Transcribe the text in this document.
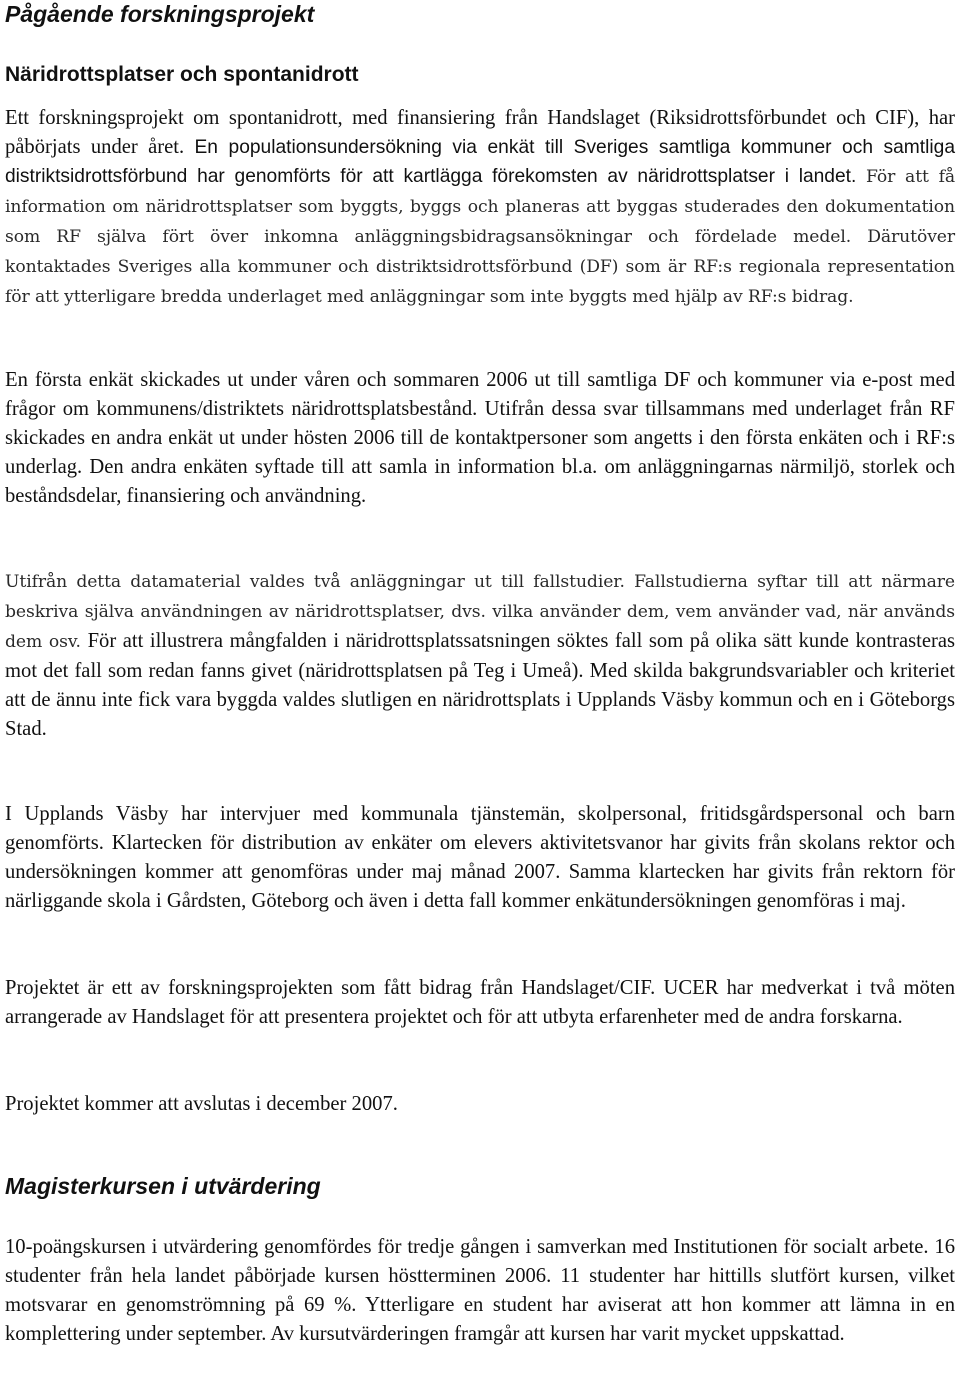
Pågående forskningsprojekt
Näridrottsplatser och spontanidrott

Ett forskningsprojekt om spontanidrott, med finansiering från Handslaget (Riksidrottsförbundet och CIF), har påbörjats under året. En populationsundersökning via enkät till Sveriges samtliga kommuner och samtliga distriktsidrottsförbund har genomförts för att kartlägga förekomsten av näridrottsplatser i landet. För att få information om näridrottsplatser som byggts, byggs och planeras att byggas studerades den dokumentation som RF själva fört över inkomna anläggningsbidragsansökningar och fördelade medel. Därutöver kontaktades Sveriges alla kommuner och distriktsidrottsförbund (DF) som är RF:s regionala representation för att ytterligare bredda underlaget med anläggningar som inte byggts med hjälp av RF:s bidrag.

En första enkät skickades ut under våren och sommaren 2006 ut till samtliga DF och kommuner via e-post med frågor om kommunens/distriktets näridrottsplatsbestånd. Utifrån dessa svar tillsammans med underlaget från RF skickades en andra enkät ut under hösten 2006 till de kontaktpersoner som angetts i den första enkäten och i RF:s underlag. Den andra enkäten syftade till att samla in information bl.a. om anläggningarnas närmiljö, storlek och beståndsdelar, finansiering och användning.

Utifrån detta datamaterial valdes två anläggningar ut till fallstudier. Fallstudierna syftar till att närmare beskriva själva användningen av näridrottsplatser, dvs. vilka använder dem, vem använder vad, när används dem osv. För att illustrera mångfalden i näridrottsplatssatsningen söktes fall som på olika sätt kunde kontrasteras mot det fall som redan fanns givet (näridrottsplatsen på Teg i Umeå). Med skilda bakgrundsvariabler och kriteriet att de ännu inte fick vara byggda valdes slutligen en näridrottsplats i Upplands Väsby kommun och en i Göteborgs Stad.

I Upplands Väsby har intervjuer med kommunala tjänstemän, skolpersonal, fritidsgårdspersonal och barn genomförts. Klartecken för distribution av enkäter om elevers aktivitetsvanor har givits från skolans rektor och undersökningen kommer att genomföras under maj månad 2007. Samma klartecken har givits från rektorn för närliggande skola i Gårdsten, Göteborg och även i detta fall kommer enkätundersökningen genomföras i maj.

Projektet är ett av forskningsprojekten som fått bidrag från Handslaget/CIF. UCER har medverkat i två möten arrangerade av Handslaget för att presentera projektet och för att utbyta erfarenheter med de andra forskarna.

Projektet kommer att avslutas i december 2007.

Magisterkursen i utvärdering

10-poängskursen i utvärdering genomfördes för tredje gången i samverkan med Institutionen för socialt arbete. 16 studenter från hela landet påbörjade kursen höstterminen 2006. 11 studenter har hittills slutfört kursen, vilket motsvarar en genomströmning på 69 %. Ytterligare en student har aviserat att hon kommer att lämna in en komplettering under september. Av kursutvärderingen framgår att kursen har varit mycket uppskattad.
